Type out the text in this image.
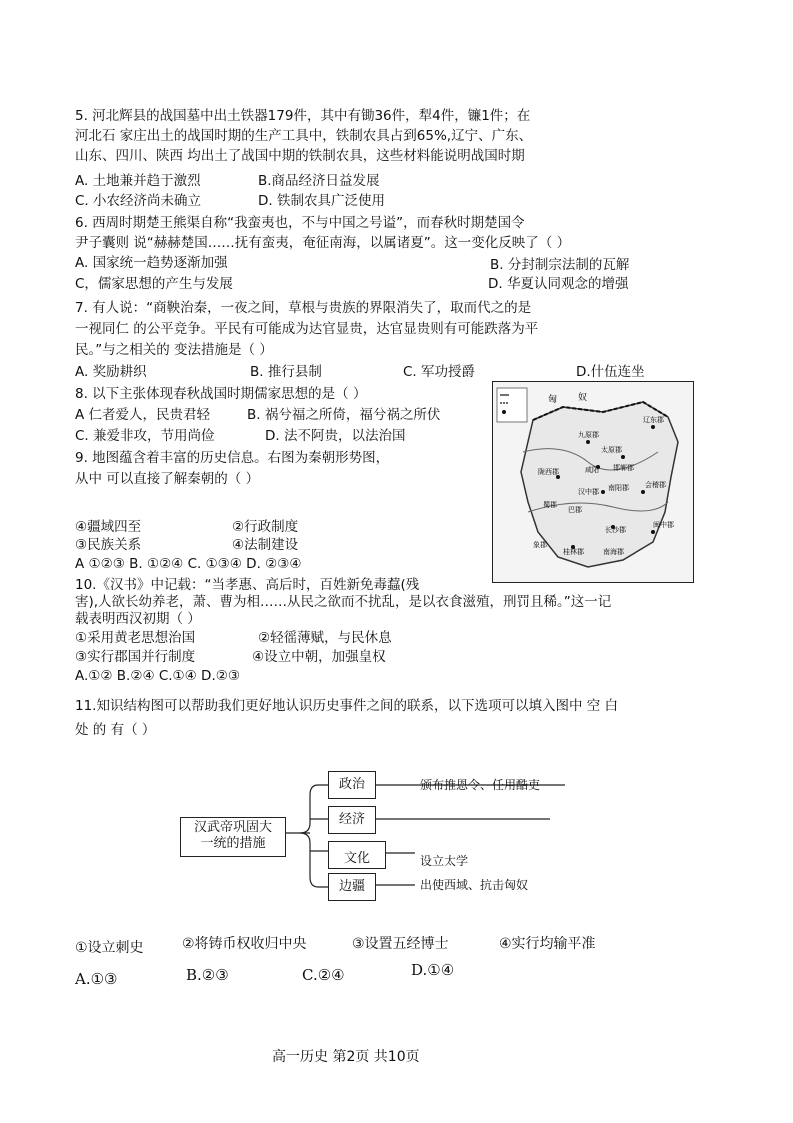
5. 河北辉县的战国墓中出土铁器179件，其中有锄36件，犁4件，镰1件；在
河北石 家庄出土的战国时期的生产工具中，铁制农具占到65%,辽宁、广东、
山东、四川、陕西 均出土了战国中期的铁制农具，这些材料能说明战国时期
A. 土地兼并趋于激烈	B.商品经济日益发展
C. 小农经济尚未确立	D. 铁制农具广泛使用
6. 西周时期楚王熊渠自称“我蛮夷也，不与中国之号谥”，而春秋时期楚国令
尹子囊则 说“赫赫楚国……抚有蛮夷，奄征南海，以属诸夏”。这一变化反映了（ ）
A. 国家统一趋势逐渐加强	B. 分封制宗法制的瓦解
C，儒家思想的产生与发展	D. 华夏认同观念的增强
7. 有人说：“商鞅治秦，一夜之间，草根与贵族的界限消失了，取而代之的是
一视同仁 的公平竞争。平民有可能成为达官显贵，达官显贵则有可能跌落为平
民。”与之相关的 变法措施是（ ）
A. 奖励耕织	B. 推行县制	C. 军功授爵	D.什伍连坐
8. 以下主张体现春秋战国时期儒家思想的是（ ）
A 仁者爱人，民贵君轻	B. 祸兮福之所倚，福兮祸之所伏
C. 兼爱非攻，节用尚俭	D. 法不阿贵，以法治国
9. 地图蕴含着丰富的历史信息。右图为秦朝形势图，
从中 可以直接了解秦朝的（ ）
④疆域四至	②行政制度
③民族关系	④法制建设
A ①②③ B. ①②④ C. ①③④ D. ②③④
匈 奴
陇西郡
九原郡
太原郡
邯郸郡
辽东郡
咸阳
汉中郡 南阳郡
巴郡
会稽郡
长沙郡
桂林郡
象郡
南海郡
闽中郡
蜀郡
10.《汉书》中记载：“当孝惠、高后时，百姓新免毒蠚(残
害),人欲长幼养老，萧、曹为相……从民之欲而不扰乱，是以衣食滋殖，刑罚且稀。”这一记
载表明西汉初期（ ）
①采用黄老思想治国	②轻徭薄赋，与民休息
③实行郡国并行制度	④设立中朝，加强皇权
A.①② B.②④ C.①④ D.②③
11.知识结构图可以帮助我们更好地认识历史事件之间的联系，以下选项可以填入图中 空 白
处 的 有（ ）
汉武帝巩固大
一统的措施
政治
经济
文化
边疆
颁布推恩令、任用酷吏
设立太学
出使西域、抗击匈奴
①设立刺史	②将铸币权收归中央	③设置五经博士	④实行均输平准
A.①③	B.②③	C.②④	D.①④
高一历史 第2页 共10页
